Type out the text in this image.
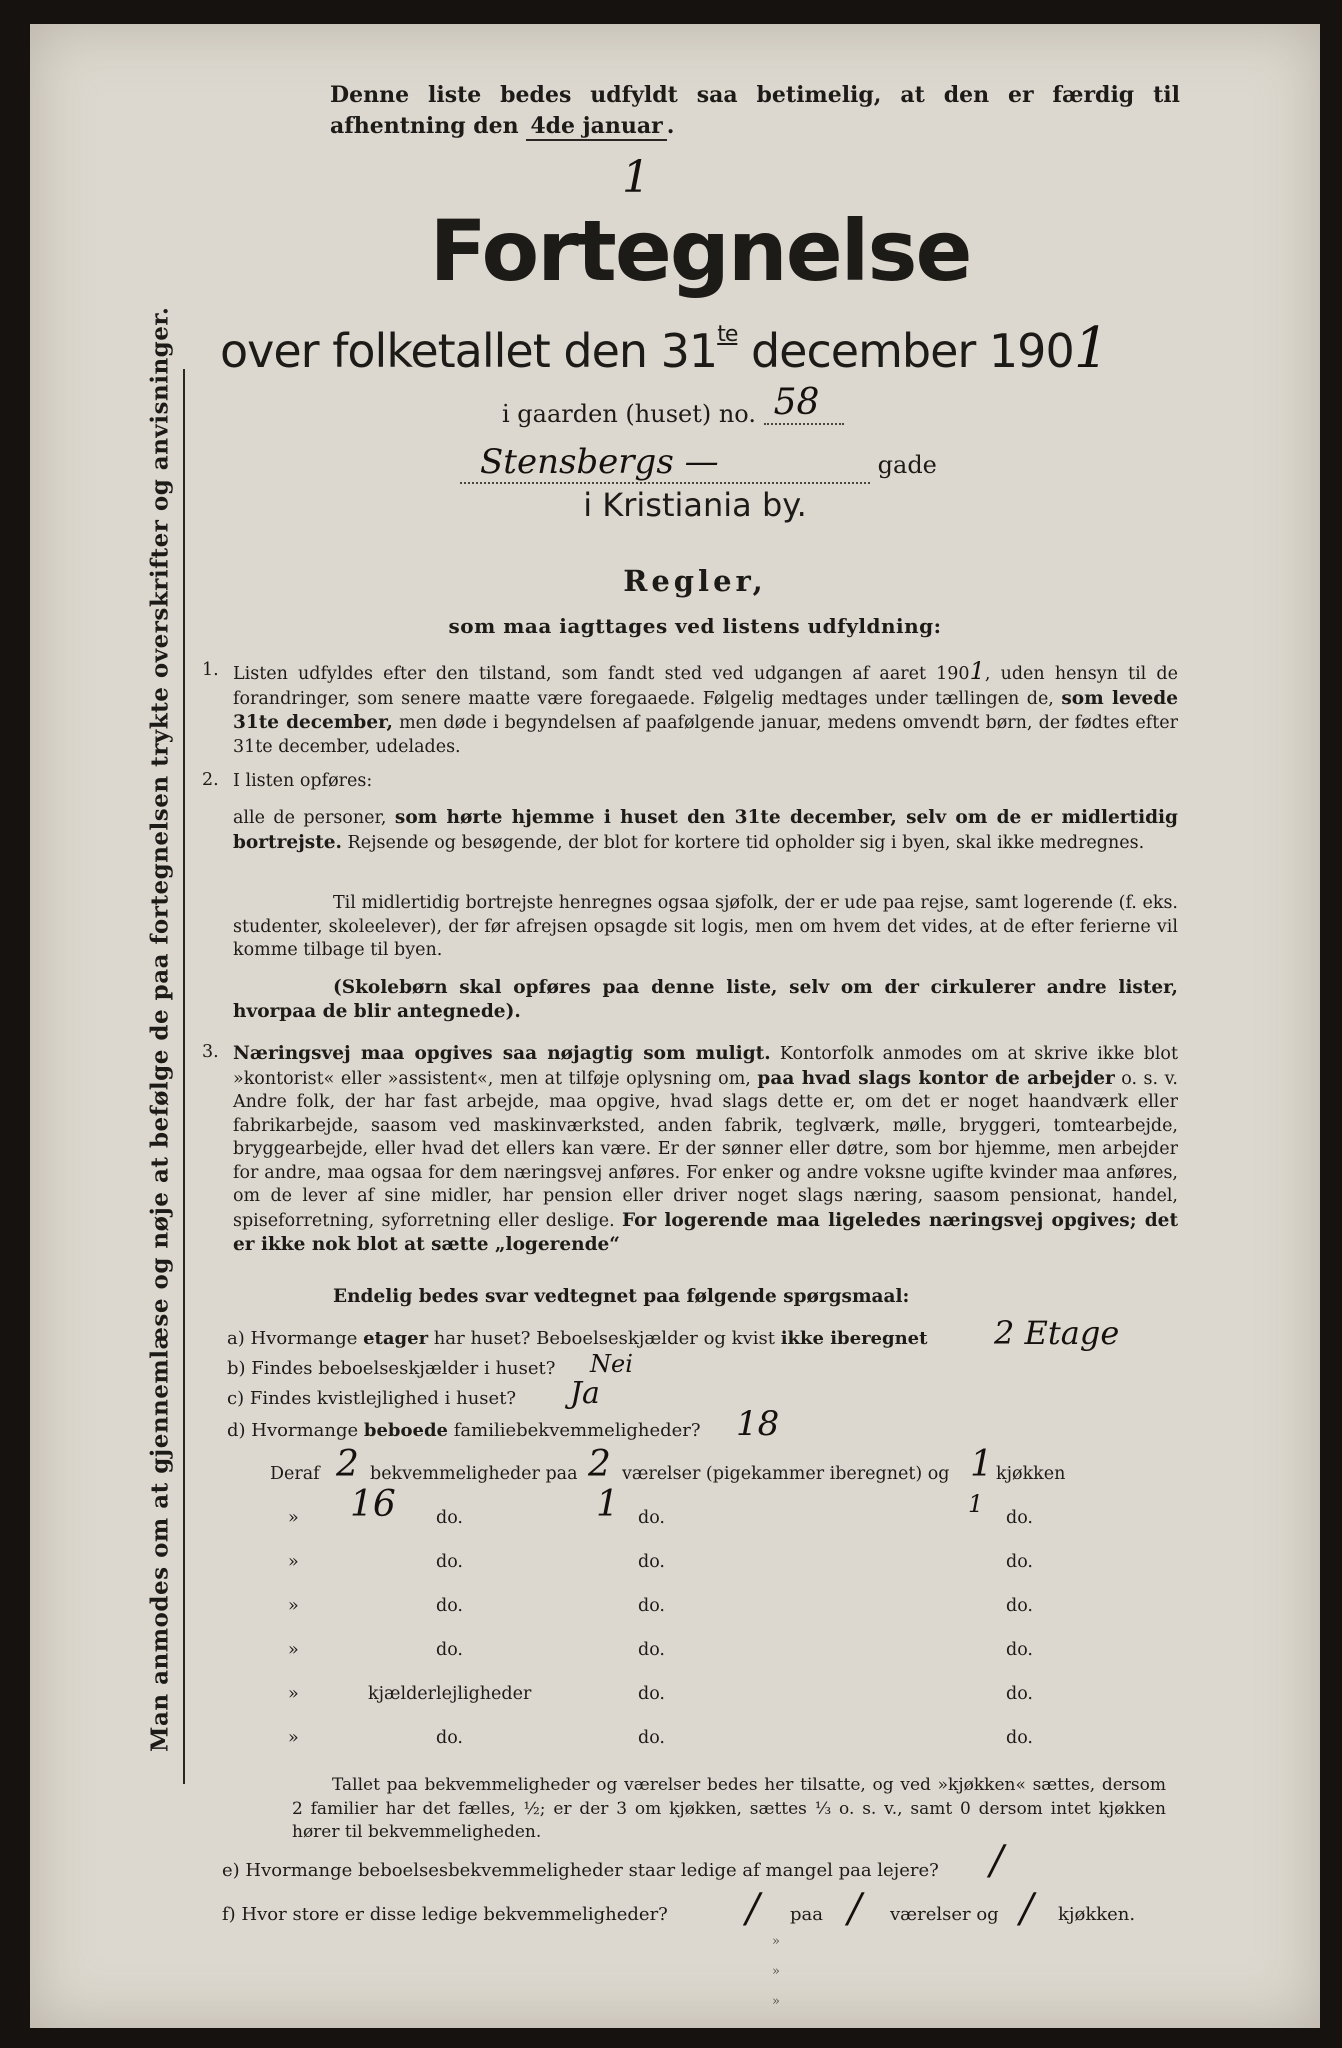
Man anmodes om at gjennemlæse og nøje at befølge de paa fortegnelsen trykte overskrifter og anvisninger.
Denne liste bedes udfyldt saa betimelig, at den er færdig til
afhentning den 4de januar .
1
Fortegnelse
over folketallet den $31^{te}$ december 1901
i gaarden (huset) no. 58
Stensbergs —	gade
i Kristiania by.
Regler,
som maa iagttages ved listens udfyldning:
1. Listen udfyldes efter den tilstand, som fandt sted ved udgangen af aaret 1901, uden hensyn til de forandringer, som senere maatte være foregaaede. Følgelig medtages under tællingen de, som levede 31te december, men døde i begyndelsen af paafølgende januar, medens omvendt børn, der fødtes efter 31te december, udelades.
2. I listen opføres:
alle de personer, som hørte hjemme i huset den 31te december, selv om de er midlertidig bortrejste. Rejsende og besøgende, der blot for kortere tid opholder sig i byen, skal ikke medregnes.
Til midlertidig bortrejste henregnes ogsaa sjøfolk, der er ude paa rejse, samt logerende (f. eks. studenter, skoleelever), der før afrejsen opsagde sit logis, men om hvem det vides, at de efter ferierne vil komme tilbage til byen.
(Skolebørn skal opføres paa denne liste, selv om der cirkulerer andre lister, hvorpaa de blir antegnede).
3. Næringsvej maa opgives saa nøjagtig som muligt. Kontorfolk anmodes om at skrive ikke blot »kontorist« eller »assistent«, men at tilføje oplysning om, paa hvad slags kontor de arbejder o. s. v. Andre folk, der har fast arbejde, maa opgive, hvad slags dette er, om det er noget haandværk eller fabrikarbejde, saasom ved maskinværksted, anden fabrik, teglværk, mølle, bryggeri, tomtearbejde, bryggearbejde, eller hvad det ellers kan være. Er der sønner eller døtre, som bor hjemme, men arbejder for andre, maa ogsaa for dem næringsvej anføres. For enker og andre voksne ugifte kvinder maa anføres, om de lever af sine midler, har pension eller driver noget slags næring, saasom pensionat, handel, spiseforretning, syforretning eller deslige. For logerende maa ligeledes næringsvej opgives; det er ikke nok blot at sætte „logerende“
Endelig bedes svar vedtegnet paa følgende spørgsmaal:
a) Hvormange etager har huset? Beboelseskjælder og kvist ikke iberegnet 2 Etage
b) Findes beboelseskjælder i huset? Nei
c) Findes kvistlejlighed i huset? Ja
d) Hvormange beboede familiebekvemmeligheder? 18
Deraf 2 bekvemmeligheder paa 2 værelser (pigekammer iberegnet) og 1 kjøkken
» 16 do.	1 do.	1 do.
»	do.	do.	do.
»	do.	do.	do.
»	do.	do.	do.
»	kjælderlejligheder	do.	do.
»	do.	do.	do.
Tallet paa bekvemmeligheder og værelser bedes her tilsatte, og ved »kjøkken« sættes, dersom 2 familier har det fælles, ½; er der 3 om kjøkken, sættes ⅓ o. s. v., samt 0 dersom intet kjøkken hører til bekvemmeligheden.
e) Hvormange beboelsesbekvemmeligheder staar ledige af mangel paa lejere? /
f) Hvor store er disse ledige bekvemmeligheder? / paa / værelser og / kjøkken.
»
»
»
